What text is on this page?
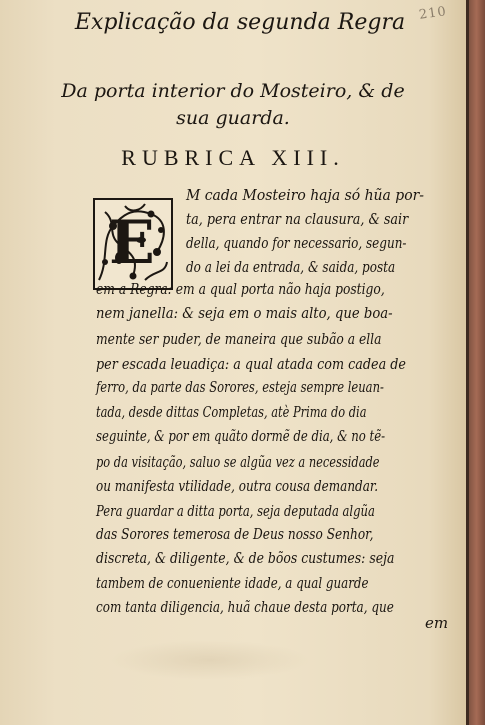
210
Explicação da segunda Regra
Da porta interior do Mosteiro, & de
sua guarda.
RUBRICA XIII.
E
M cada Mosteiro haja só hũa por-
ta, pera entrar na clausura, & sair
della, quando for necessario, segun-
do a lei da entrada, & saida, posta
em a Regra: em a qual porta não haja postigo,
nem janella: & seja em o mais alto, que boa-
mente ser puder, de maneira que subão a ella
per escada leuadiça: a qual atada com cadea de
ferro, da parte das Sorores, esteja sempre leuan-
tada, desde dittas Completas, atè Prima do dia
seguinte, & por em quãto dormẽ de dia, & no tẽ-
po da visitação, saluo se algũa vez a necessidade
ou manifesta vtilidade, outra cousa demandar.
Pera guardar a ditta porta, seja deputada algũa
das Sorores temerosa de Deus nosso Senhor,
discreta, & diligente, & de bõos custumes: seja
tambem de conueniente idade, a qual guarde
com tanta diligencia, huã chaue desta porta, que
em
